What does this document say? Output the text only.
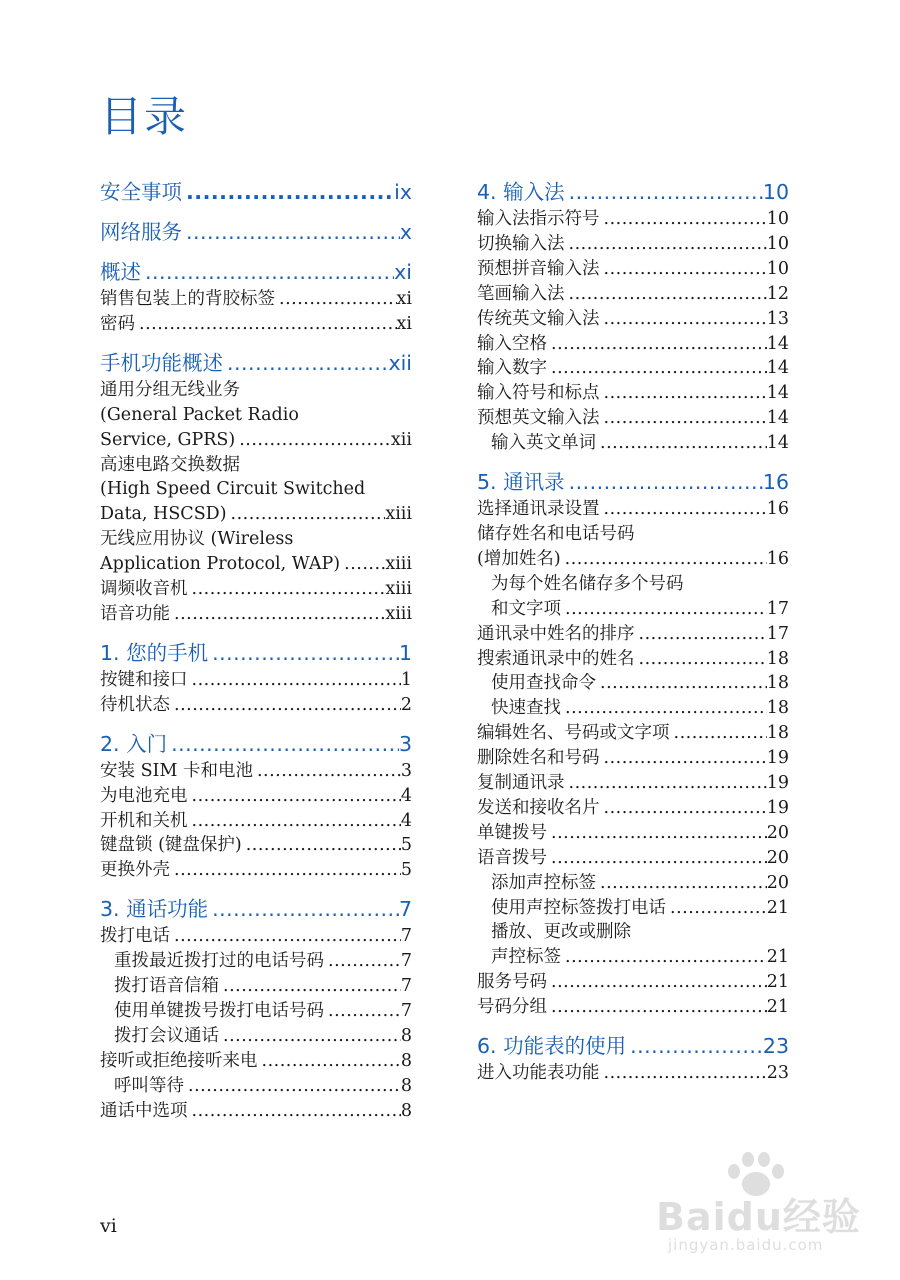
目录
安全事项 .....	ix
网络服务 .....	x
概述 .....	xi
销售包装上的背胶标签 .....	xi
密码 .....	xi
手机功能概述 .....	xii
通用分组无线业务
(General Packet Radio
Service, GPRS) .....	xii
高速电路交换数据
(High Speed Circuit Switched
Data, HSCSD) .....	xiii
无线应用协议 (Wireless
Application Protocol, WAP) .....	xiii
调频收音机 .....	xiii
语音功能 .....	xiii
1. 您的手机 .....	1
按键和接口 .....	1
待机状态 .....	2
2. 入门 .....	3
安装 SIM 卡和电池 .....	3
为电池充电 .....	4
开机和关机 .....	4
键盘锁 (键盘保护) .....	5
更换外壳 .....	5
3. 通话功能 .....	7
拨打电话 .....	7
重拨最近拨打过的电话号码 .....	7
拨打语音信箱 .....	7
使用单键拨号拨打电话号码 .....	7
拨打会议通话 .....	8
接听或拒绝接听来电 .....	8
呼叫等待 .....	8
通话中选项 .....	8
4. 输入法 .....	10
输入法指示符号 .....	10
切换输入法 .....	10
预想拼音输入法 .....	10
笔画输入法 .....	12
传统英文输入法 .....	13
输入空格 .....	14
输入数字 .....	14
输入符号和标点 .....	14
预想英文输入法 .....	14
输入英文单词 .....	14
5. 通讯录 .....	16
选择通讯录设置 .....	16
储存姓名和电话号码
(增加姓名) .....	16
为每个姓名储存多个号码
和文字项 .....	17
通讯录中姓名的排序 .....	17
搜索通讯录中的姓名 .....	18
使用查找命令 .....	18
快速查找 .....	18
编辑姓名、号码或文字项 .....	18
删除姓名和号码 .....	19
复制通讯录 .....	19
发送和接收名片 .....	19
单键拨号 .....	20
语音拨号 .....	20
添加声控标签 .....	20
使用声控标签拨打电话 .....	21
播放、更改或删除
声控标签 .....	21
服务号码 .....	21
号码分组 .....	21
6. 功能表的使用 .....	23
进入功能表功能 .....	23
vi	Baidu经验
jingyan.baidu.com
